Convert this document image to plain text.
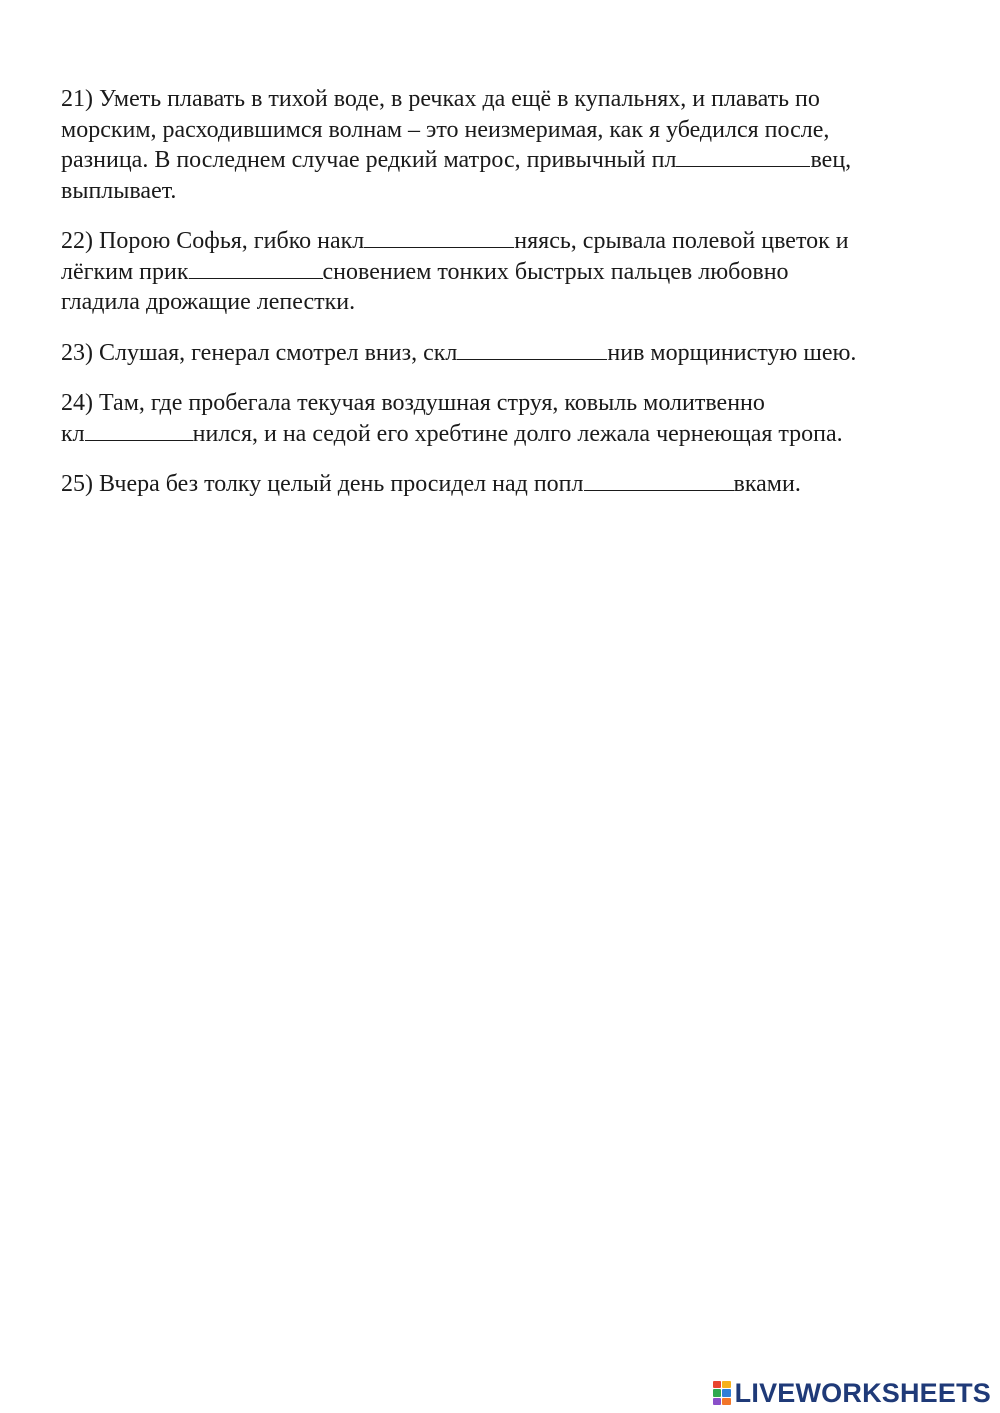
21) Уметь плавать в тихой воде, в речках да ещё в купальнях, и плавать по
морским, расходившимся волнам – это неизмеримая, как я убедился после,
разница. В последнем случае редкий матрос, привычный пл	вец,
выплывает.

22) Порою Софья, гибко накл	няясь, срывала полевой цветок и
лёгким прик	сновением тонких быстрых пальцев любовно
гладила дрожащие лепестки.

23) Слушая, генерал смотрел вниз, скл	нив морщинистую шею.

24) Там, где пробегала текучая воздушная струя, ковыль молитвенно
кл	нился, и на седой его хребтине долго лежала чернеющая тропа.

25) Вчера без толку целый день просидел над попл	вками.

LIVEWORKSHEETS
